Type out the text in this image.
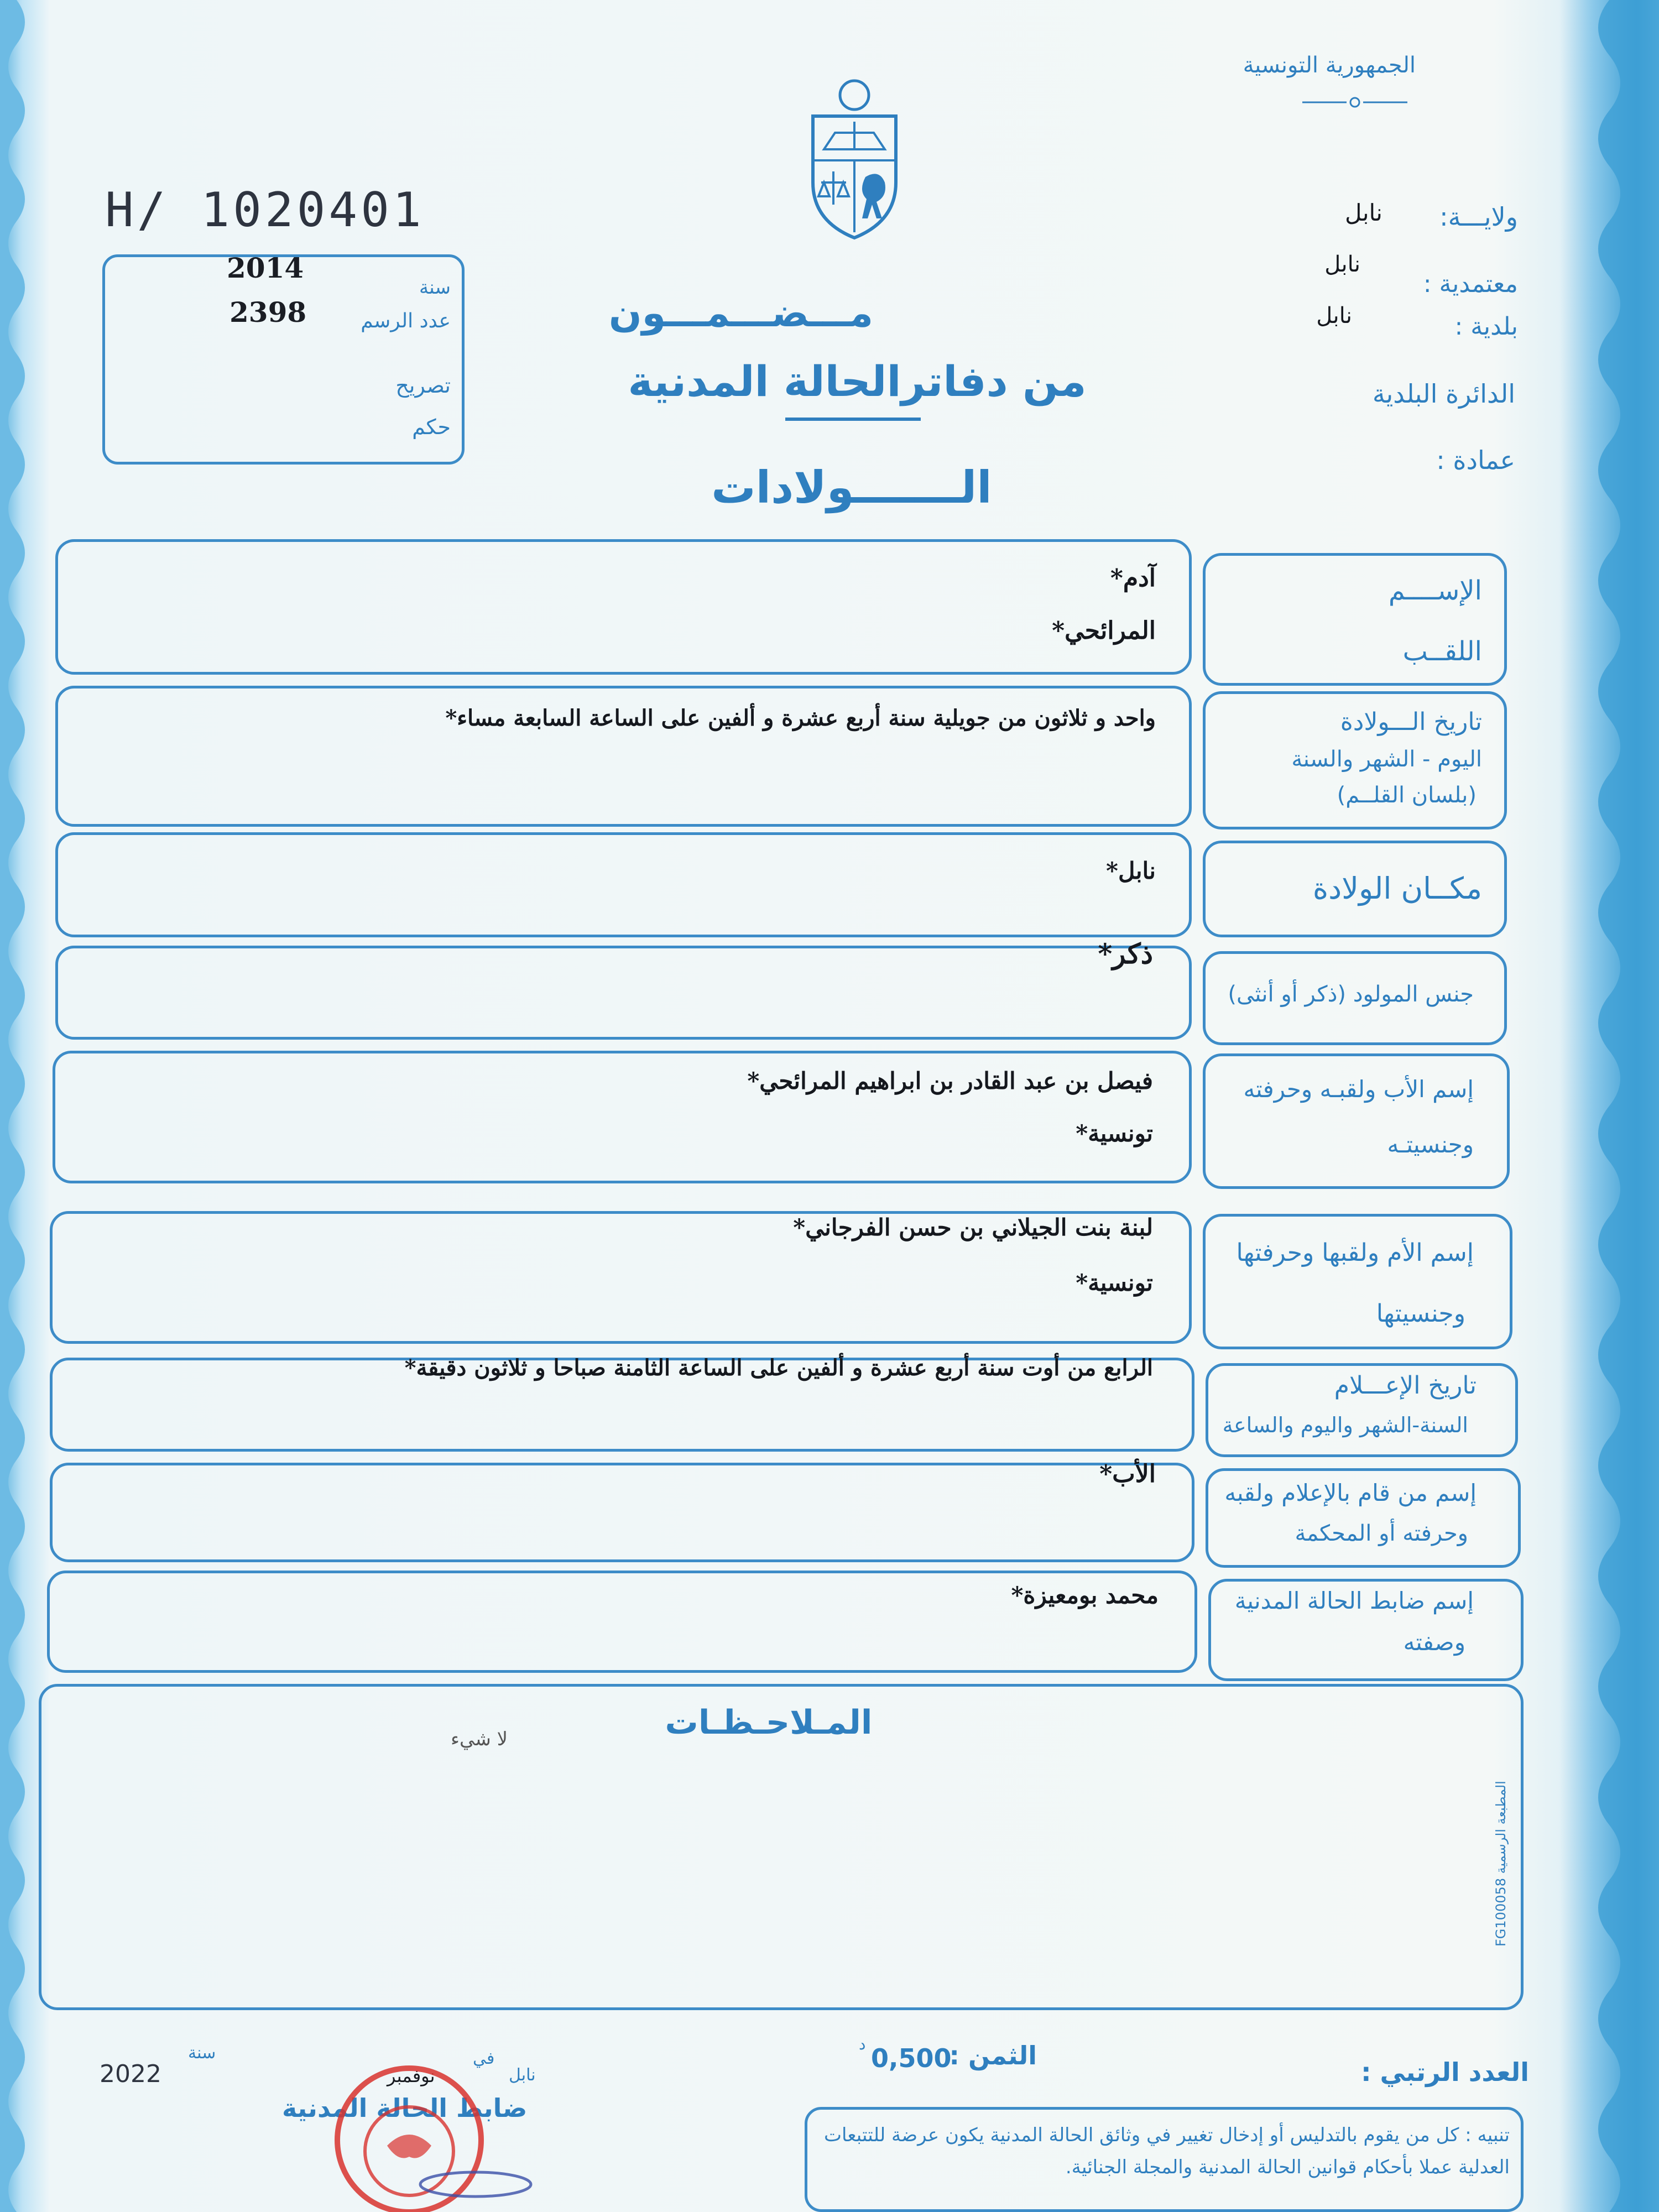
H/ 1020401
2014
2398
سنة
عدد الرسم
تصريح
حكم
الجمهورية التونسية
ولايـــة:
نابل
معتمدية :
نابل
بلدية :
نابل
الدائرة البلدية
عمادة :
مـــضـــمـــون
من دفاترالحالة المدنية
الـــــــولادات
الإســــم
اللقــب
آدم*
المرائحي*
تاريخ الـــولادة
اليوم - الشهر والسنة
(بلسان القلــم)
واحد و ثلاثون من جويلية سنة أربع عشرة و ألفين على الساعة السابعة مساء*
مكــان الولادة
نابل*
جنس المولود (ذكر أو أنثى)
ذكر*
إسم الأب ولقبـه وحرفته
وجنسيتـه
فيصل بن عبد القادر بن ابراهيم المرائحي*
تونسية*
إسم الأم ولقبها وحرفتها
وجنسيتها
لبنة بنت الجيلاني بن حسن الفرجاني*
تونسية*
تاريخ الإعـــلام
السنة-الشهر واليوم والساعة
الرابع من أوت سنة أربع عشرة و ألفين على الساعة الثامنة صباحا و ثلاثون دقيقة*
إسم من قام بالإعلام ولقبه
وحرفته أو المحكمة
الأب*
إسم ضابط الحالة المدنية
وصفته
محمد بومعيزة*
المـلاحـظـات
لا شيء
المطبعة الرسمية FG100058
العدد الرتبي :
الثمن :
0,500
د
2022
سنة	في
نابل
نوفمبر
ضابط الحالة المدنية
تنبيه : كل من يقوم بالتدليس أو إدخال تغيير في وثائق الحالة المدنية يكون عرضة للتتبعات العدلية عملا بأحكام قوانين الحالة المدنية والمجلة الجنائية.
